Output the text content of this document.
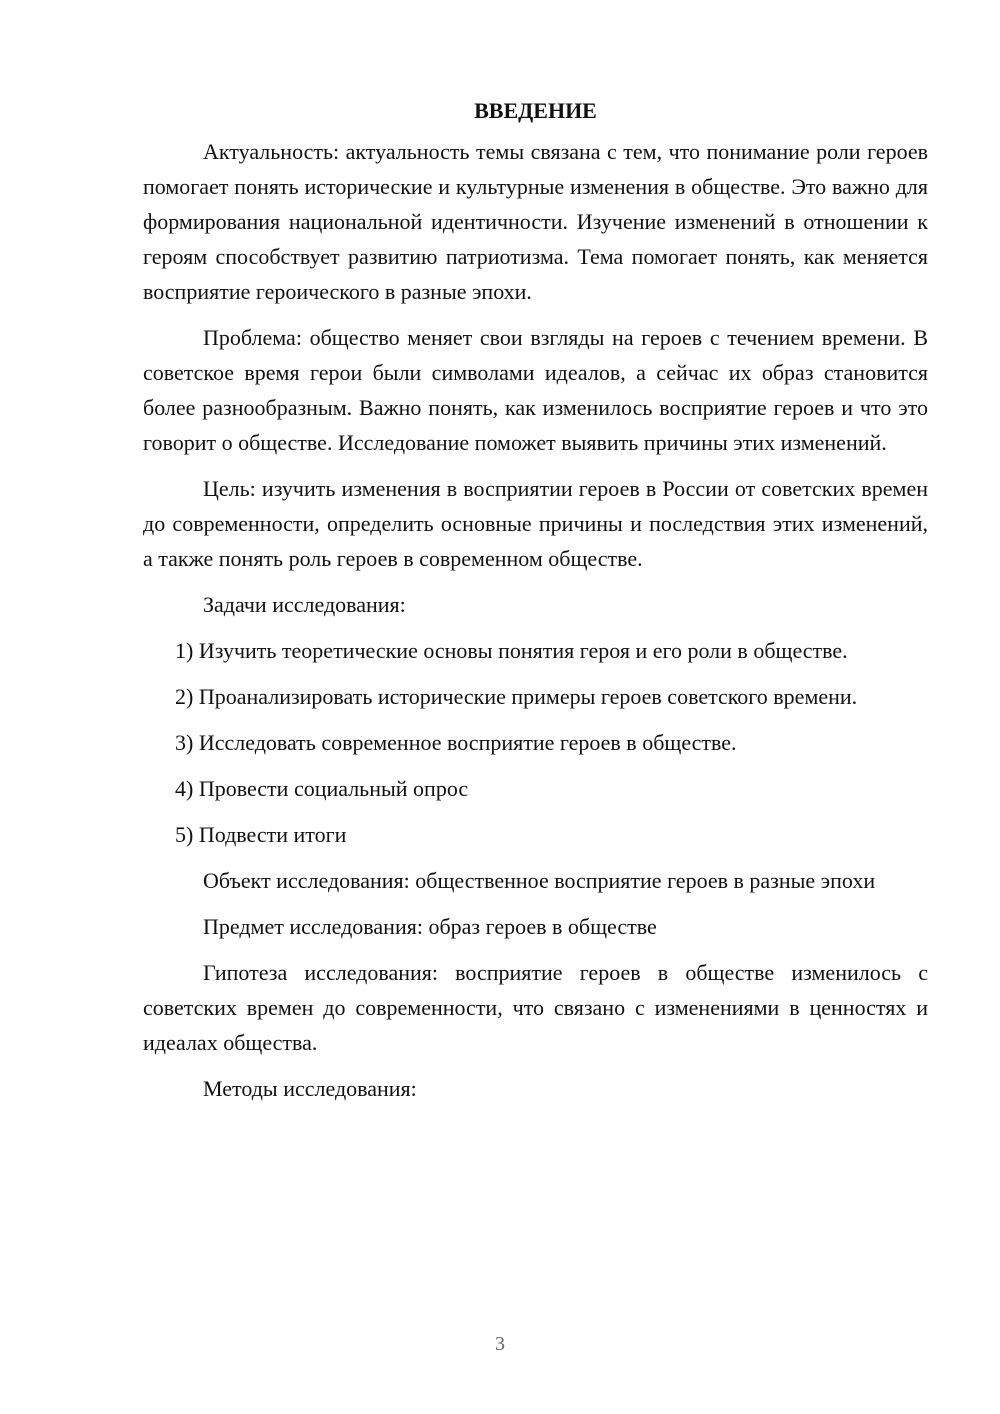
ВВЕДЕНИЕ

Актуальность: актуальность темы связана с тем, что понимание роли героев помогает понять исторические и культурные изменения в обществе. Это важно для формирования национальной идентичности. Изучение изменений в отношении к героям способствует развитию патриотизма. Тема помогает понять, как меняется восприятие героического в разные эпохи.

Проблема: общество меняет свои взгляды на героев с течением времени. В советское время герои были символами идеалов, а сейчас их образ становится более разнообразным. Важно понять, как изменилось восприятие героев и что это говорит о обществе. Исследование поможет выявить причины этих изменений.

Цель: изучить изменения в восприятии героев в России от советских времен до современности, определить основные причины и последствия этих изменений, а также понять роль героев в современном обществе.

Задачи исследования:

1) Изучить теоретические основы понятия героя и его роли в обществе.

2) Проанализировать исторические примеры героев советского времени.

3) Исследовать современное восприятие героев в обществе.

4) Провести социальный опрос

5) Подвести итоги

Объект исследования: общественное восприятие героев в разные эпохи

Предмет исследования: образ героев в обществе

Гипотеза исследования: восприятие героев в обществе изменилось с советских времен до современности, что связано с изменениями в ценностях и идеалах общества.

Методы исследования:

3
